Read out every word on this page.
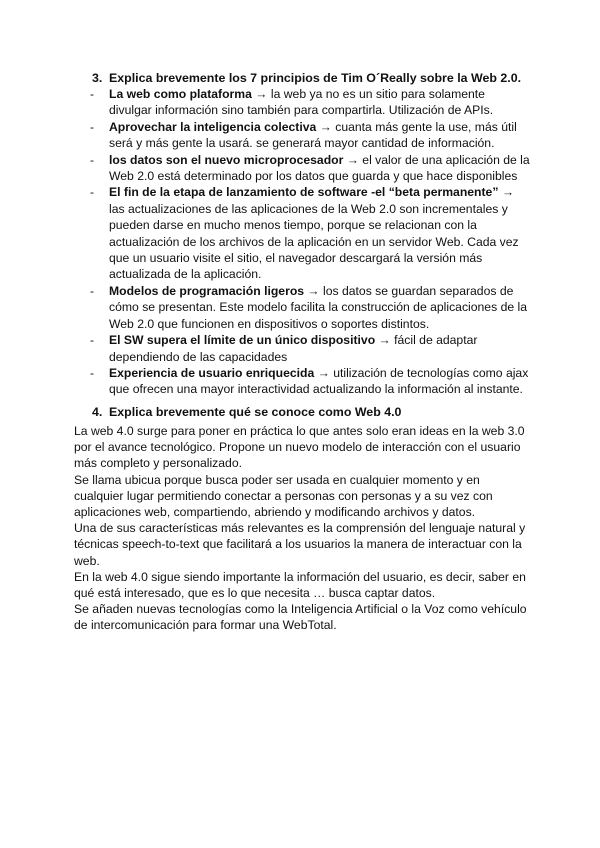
3. Explica brevemente los 7 principios de Tim O´Really sobre la Web 2.0.
- La web como plataforma → la web ya no es un sitio para solamente divulgar información sino también para compartirla. Utilización de APIs.
- Aprovechar la inteligencia colectiva → cuanta más gente la use, más útil será y más gente la usará. se generará mayor cantidad de información.
- los datos son el nuevo microprocesador → el valor de una aplicación de la Web 2.0 está determinado por los datos que guarda y que hace disponibles
- El fin de la etapa de lanzamiento de software -el “beta permanente” → las actualizaciones de las aplicaciones de la Web 2.0 son incrementales y pueden darse en mucho menos tiempo, porque se relacionan con la actualización de los archivos de la aplicación en un servidor Web. Cada vez que un usuario visite el sitio, el navegador descargará la versión más actualizada de la aplicación.
- Modelos de programación ligeros → los datos se guardan separados de cómo se presentan. Este modelo facilita la construcción de aplicaciones de la Web 2.0 que funcionen en dispositivos o soportes distintos.
- El SW supera el límite de un único dispositivo → fácil de adaptar dependiendo de las capacidades
- Experiencia de usuario enriquecida → utilización de tecnologías como ajax que ofrecen una mayor interactividad actualizando la información al instante.
4. Explica brevemente qué se conoce como Web 4.0

La web 4.0 surge para poner en práctica lo que antes solo eran ideas en la web 3.0 por el avance tecnológico. Propone un nuevo modelo de interacción con el usuario más completo y personalizado.

Se llama ubicua porque busca poder ser usada en cualquier momento y en cualquier lugar permitiendo conectar a personas con personas y a su vez con aplicaciones web, compartiendo, abriendo y modificando archivos y datos.

Una de sus características más relevantes es la comprensión del lenguaje natural y técnicas speech-to-text que facilitará a los usuarios la manera de interactuar con la web.

En la web 4.0 sigue siendo importante la información del usuario, es decir, saber en qué está interesado, que es lo que necesita … busca captar datos.

Se añaden nuevas tecnologías como la Inteligencia Artificial o la Voz como vehículo de intercomunicación para formar una WebTotal.
